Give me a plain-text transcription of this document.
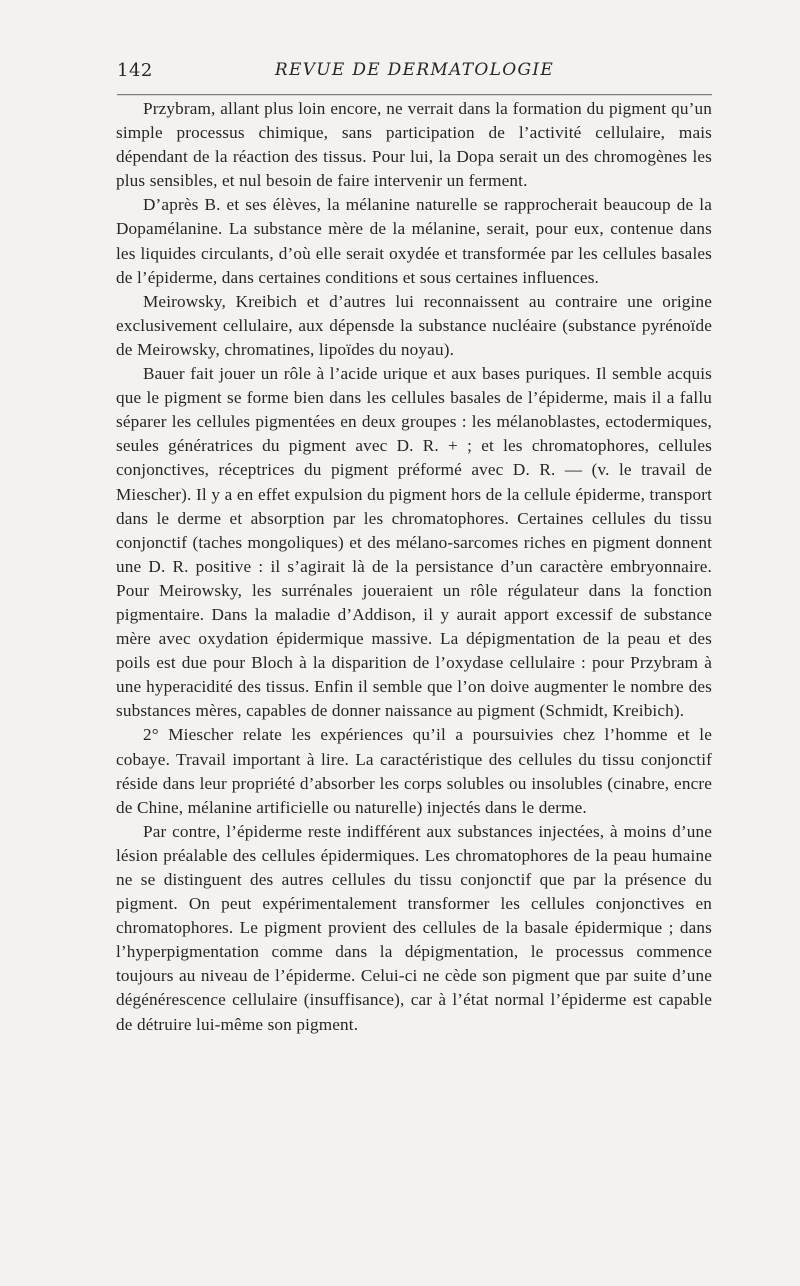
142	REVUE DE DERMATOLOGIE

Przybram, allant plus loin encore, ne verrait dans la formation du pigment qu’un simple processus chimique, sans participation de l’activité cellulaire, mais dépendant de la réaction des tissus. Pour lui, la Dopa serait un des chromogènes les plus sensibles, et nul besoin de faire intervenir un ferment.

D’après B. et ses élèves, la mélanine naturelle se rapprocherait beaucoup de la Dopamélanine. La substance mère de la mélanine, serait, pour eux, contenue dans les liquides circulants, d’où elle serait oxydée et transformée par les cellules basales de l’épiderme, dans certaines conditions et sous certaines influences.

Meirowsky, Kreibich et d’autres lui reconnaissent au contraire une origine exclusivement cellulaire, aux dépensde la substance nucléaire (substance pyrénoïde de Meirowsky, chromatines, lipoïdes du noyau).

Bauer fait jouer un rôle à l’acide urique et aux bases puriques. Il semble acquis que le pigment se forme bien dans les cellules basales de l’épiderme, mais il a fallu séparer les cellules pigmentées en deux groupes : les mélanoblastes, ectodermiques, seules génératrices du pigment avec D. R. + ; et les chromatophores, cellules conjonctives, réceptrices du pigment préformé avec D. R. — (v. le travail de Miescher). Il y a en effet expulsion du pigment hors de la cellule épiderme, transport dans le derme et absorption par les chromatophores. Certaines cellules du tissu conjonctif (taches mongoliques) et des mélano-sarcomes riches en pigment donnent une D. R. positive : il s’agirait là de la persistance d’un caractère embryonnaire. Pour Meirowsky, les surrénales joueraient un rôle régulateur dans la fonction pigmentaire. Dans la maladie d’Addison, il y aurait apport excessif de substance mère avec oxydation épidermique massive. La dépigmentation de la peau et des poils est due pour Bloch à la disparition de l’oxydase cellulaire : pour Przybram à une hyperacidité des tissus. Enfin il semble que l’on doive augmenter le nombre des substances mères, capables de donner naissance au pigment (Schmidt, Kreibich).

2° Miescher relate les expériences qu’il a poursuivies chez l’homme et le cobaye. Travail important à lire. La caractéristique des cellules du tissu conjonctif réside dans leur propriété d’absorber les corps solubles ou insolubles (cinabre, encre de Chine, mélanine artificielle ou naturelle) injectés dans le derme.

Par contre, l’épiderme reste indifférent aux substances injectées, à moins d’une lésion préalable des cellules épidermiques. Les chromatophores de la peau humaine ne se distinguent des autres cellules du tissu conjonctif que par la présence du pigment. On peut expérimentalement transformer les cellules conjonctives en chromatophores. Le pigment provient des cellules de la basale épidermique ; dans l’hyperpigmentation comme dans la dépigmentation, le processus commence toujours au niveau de l’épiderme. Celui-ci ne cède son pigment que par suite d’une dégénérescence cellulaire (insuffisance), car à l’état normal l’épiderme est capable de détruire lui-même son pigment.
